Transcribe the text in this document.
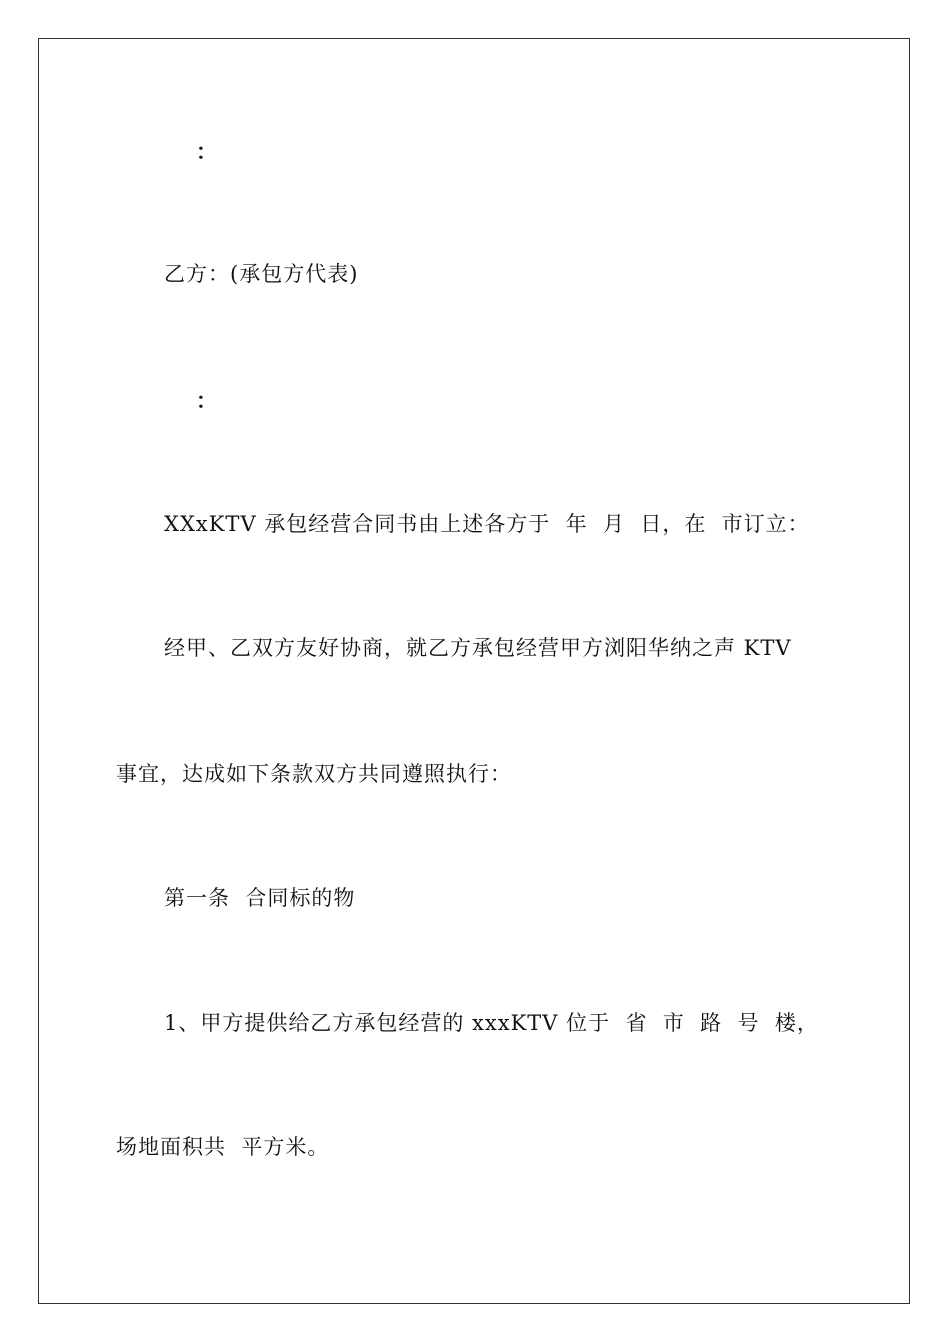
：
乙方：(承包方代表)
：
XXxKTV 承包经营合同书由上述各方于  年  月  日，在  市订立：
经甲、乙双方友好协商，就乙方承包经营甲方浏阳华纳之声 KTV
事宜，达成如下条款双方共同遵照执行：
第一条  合同标的物
1、甲方提供给乙方承包经营的 xxxKTV 位于  省  市  路  号  楼，
场地面积共  平方米。
